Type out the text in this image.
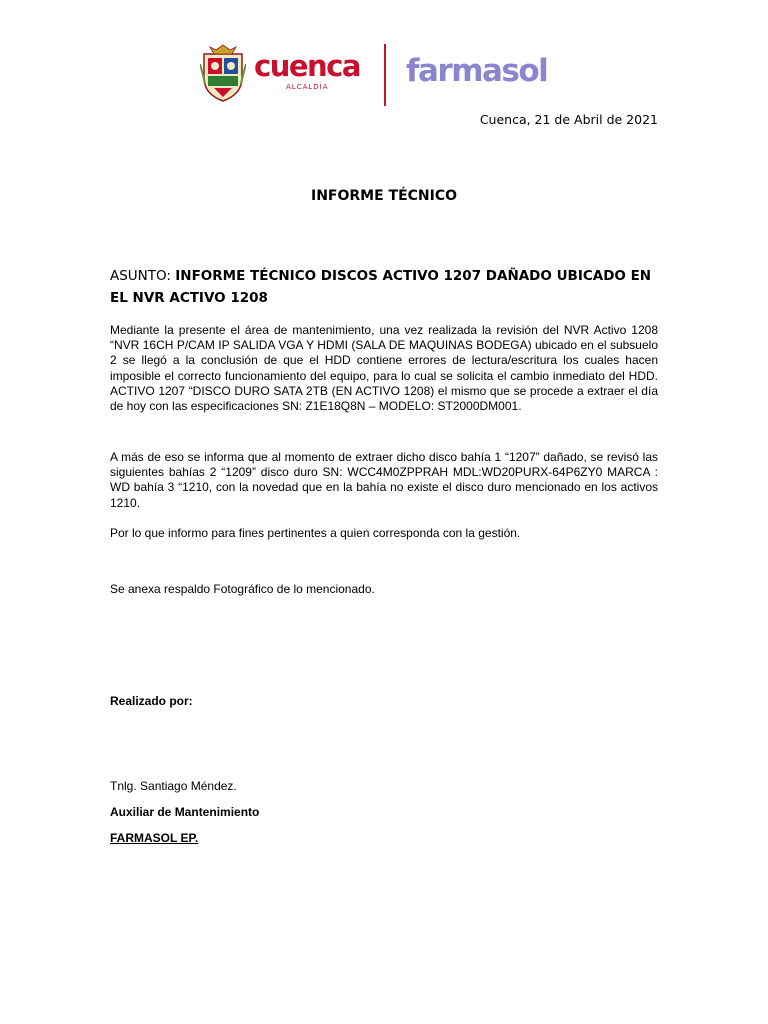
cuenca
ALCALDÍA farmasol
Cuenca, 21 de Abril de 2021
INFORME TÉCNICO
ASUNTO: INFORME TÉCNICO DISCOS ACTIVO 1207 DAÑADO UBICADO EN EL NVR ACTIVO 1208

Mediante la presente el área de mantenimiento, una vez realizada la revisión del NVR Activo 1208 “NVR 16CH P/CAM IP SALIDA VGA Y HDMI (SALA DE MAQUINAS BODEGA) ubicado en el subsuelo 2 se llegó a la conclusión de que el HDD contiene errores de lectura/escritura los cuales hacen imposible el correcto funcionamiento del equipo, para lo cual se solicita el cambio inmediato del HDD. ACTIVO 1207 “DISCO DURO SATA 2TB (EN ACTIVO 1208) el mismo que se procede a extraer el día de hoy con las especificaciones SN: Z1E18Q8N – MODELO: ST2000DM001.

A más de eso se informa que al momento de extraer dicho disco bahía 1 “1207” dañado, se revisó las siguientes bahías 2 “1209” disco duro SN: WCC4M0ZPPRAH MDL:WD20PURX-64P6ZY0 MARCA : WD bahía 3 “1210, con la novedad que en la bahía no existe el disco duro mencionado en los activos 1210.

Por lo que informo para fines pertinentes a quien corresponda con la gestión.

Se anexa respaldo Fotográfico de lo mencionado.

Realizado por:
Tnlg. Santiago Méndez.
Auxiliar de Mantenimiento
FARMASOL EP.
